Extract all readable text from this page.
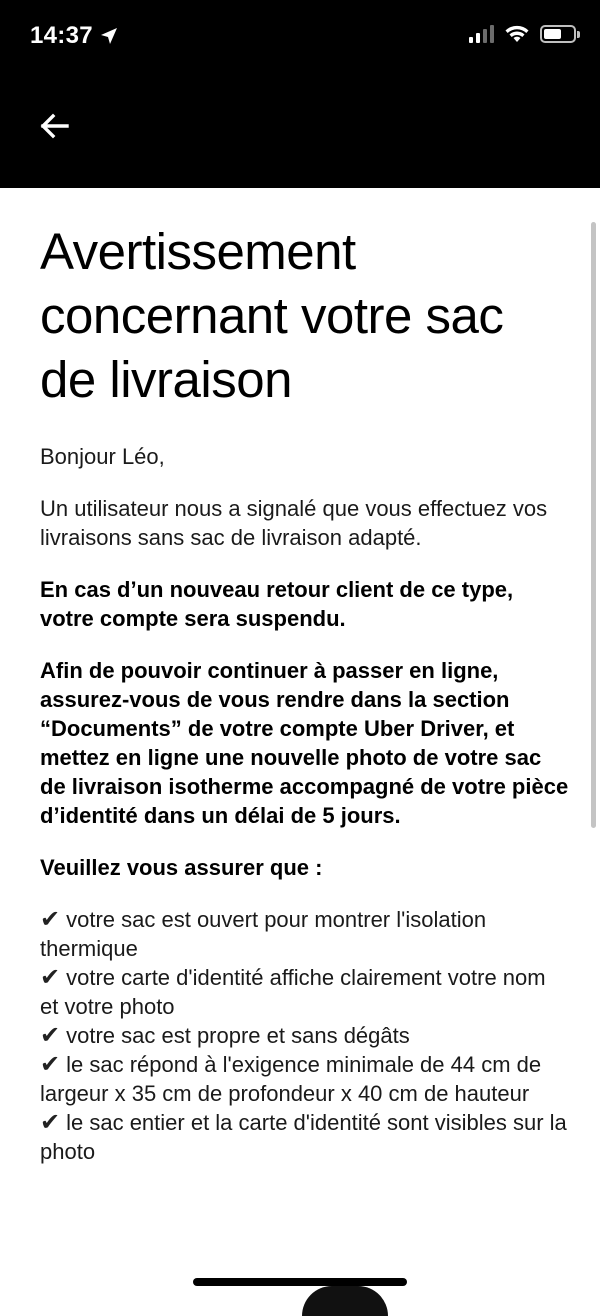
14:37
Avertissement concernant votre sac de livraison

Bonjour Léo,

Un utilisateur nous a signalé que vous effectuez vos livraisons sans sac de livraison adapté.

En cas d’un nouveau retour client de ce type, votre compte sera suspendu.

Afin de pouvoir continuer à passer en ligne, assurez-vous de vous rendre dans la section “Documents” de votre compte Uber Driver, et mettez en ligne une nouvelle photo de votre sac de livraison isotherme accompagné de votre pièce d’identité dans un délai de 5 jours.

Veuillez vous assurer que :

✔ votre sac est ouvert pour montrer l'isolation thermique
✔ votre carte d'identité affiche clairement votre nom et votre photo
✔ votre sac est propre et sans dégâts
✔ le sac répond à l'exigence minimale de 44 cm de largeur x 35 cm de profondeur x 40 cm de hauteur
✔ le sac entier et la carte d'identité sont visibles sur la photo
